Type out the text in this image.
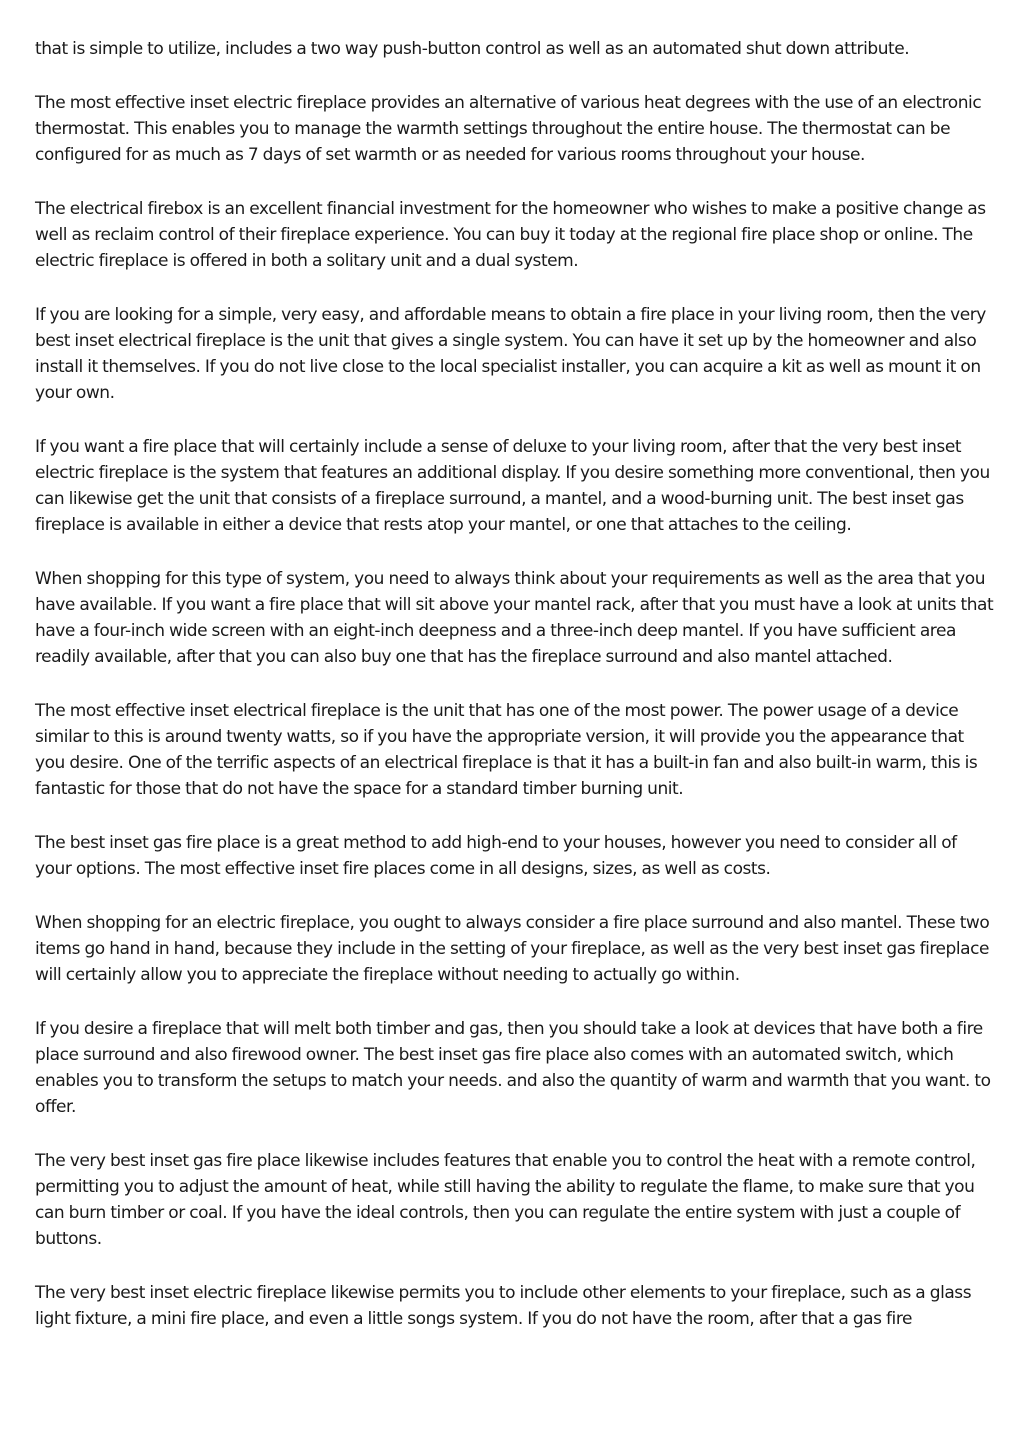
that is simple to utilize, includes a two way push-button control as well as an automated shut down attribute.

The most effective inset electric fireplace provides an alternative of various heat degrees with the use of an electronic thermostat. This enables you to manage the warmth settings throughout the entire house. The thermostat can be configured for as much as 7 days of set warmth or as needed for various rooms throughout your house.

The electrical firebox is an excellent financial investment for the homeowner who wishes to make a positive change as well as reclaim control of their fireplace experience. You can buy it today at the regional fire place shop or online. The electric fireplace is offered in both a solitary unit and a dual system.

If you are looking for a simple, very easy, and affordable means to obtain a fire place in your living room, then the very best inset electrical fireplace is the unit that gives a single system. You can have it set up by the homeowner and also install it themselves. If you do not live close to the local specialist installer, you can acquire a kit as well as mount it on your own.

If you want a fire place that will certainly include a sense of deluxe to your living room, after that the very best inset electric fireplace is the system that features an additional display. If you desire something more conventional, then you can likewise get the unit that consists of a fireplace surround, a mantel, and a wood-burning unit. The best inset gas fireplace is available in either a device that rests atop your mantel, or one that attaches to the ceiling.

When shopping for this type of system, you need to always think about your requirements as well as the area that you have available. If you want a fire place that will sit above your mantel rack, after that you must have a look at units that have a four-inch wide screen with an eight-inch deepness and a three-inch deep mantel. If you have sufficient area readily available, after that you can also buy one that has the fireplace surround and also mantel attached.

The most effective inset electrical fireplace is the unit that has one of the most power. The power usage of a device similar to this is around twenty watts, so if you have the appropriate version, it will provide you the appearance that you desire. One of the terrific aspects of an electrical fireplace is that it has a built-in fan and also built-in warm, this is fantastic for those that do not have the space for a standard timber burning unit.

The best inset gas fire place is a great method to add high-end to your houses, however you need to consider all of your options. The most effective inset fire places come in all designs, sizes, as well as costs.

When shopping for an electric fireplace, you ought to always consider a fire place surround and also mantel. These two items go hand in hand, because they include in the setting of your fireplace, as well as the very best inset gas fireplace will certainly allow you to appreciate the fireplace without needing to actually go within.

If you desire a fireplace that will melt both timber and gas, then you should take a look at devices that have both a fire place surround and also firewood owner. The best inset gas fire place also comes with an automated switch, which enables you to transform the setups to match your needs. and also the quantity of warm and warmth that you want. to offer.

The very best inset gas fire place likewise includes features that enable you to control the heat with a remote control, permitting you to adjust the amount of heat, while still having the ability to regulate the flame, to make sure that you can burn timber or coal. If you have the ideal controls, then you can regulate the entire system with just a couple of buttons.

The very best inset electric fireplace likewise permits you to include other elements to your fireplace, such as a glass light fixture, a mini fire place, and even a little songs system. If you do not have the room, after that a gas fire
